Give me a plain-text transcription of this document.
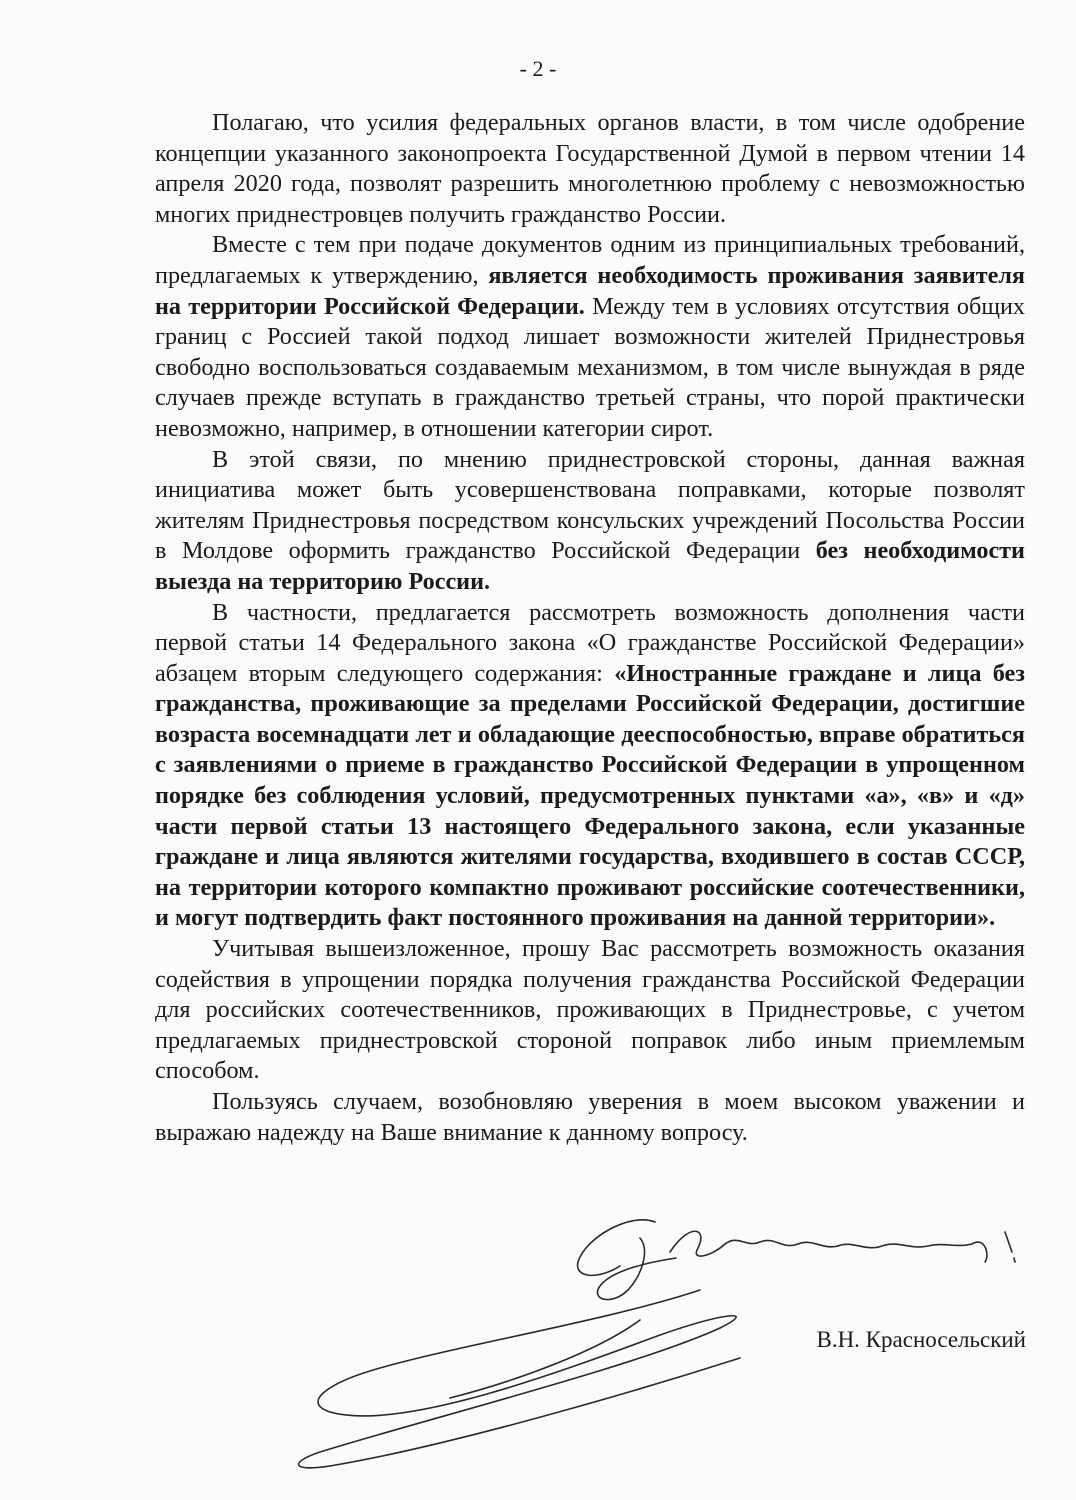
- 2 -

Полагаю, что усилия федеральных органов власти, в том числе одобрение концепции указанного законопроекта Государственной Думой в первом чтении 14 апреля 2020 года, позволят разрешить многолетнюю проблему с невозможностью многих приднестровцев получить гражданство России.

Вместе с тем при подаче документов одним из принципиальных требований, предлагаемых к утверждению, является необходимость проживания заявителя на территории Российской Федерации. Между тем в условиях отсутствия общих границ с Россией такой подход лишает возможности жителей Приднестровья свободно воспользоваться создаваемым механизмом, в том числе вынуждая в ряде случаев прежде вступать в гражданство третьей страны, что порой практически невозможно, например, в отношении категории сирот.

В этой связи, по мнению приднестровской стороны, данная важная инициатива может быть усовершенствована поправками, которые позволят жителям Приднестровья посредством консульских учреждений Посольства России в Молдове оформить гражданство Российской Федерации без необходимости выезда на территорию России.

В частности, предлагается рассмотреть возможность дополнения части первой статьи 14 Федерального закона «О гражданстве Российской Федерации» абзацем вторым следующего содержания: «Иностранные граждане и лица без гражданства, проживающие за пределами Российской Федерации, достигшие возраста восемнадцати лет и обладающие дееспособностью, вправе обратиться с заявлениями о приеме в гражданство Российской Федерации в упрощенном порядке без соблюдения условий, предусмотренных пунктами «а», «в» и «д» части первой статьи 13 настоящего Федерального закона, если указанные граждане и лица являются жителями государства, входившего в состав СССР, на территории которого компактно проживают российские соотечественники, и могут подтвердить факт постоянного проживания на данной территории».

Учитывая вышеизложенное, прошу Вас рассмотреть возможность оказания содействия в упрощении порядка получения гражданства Российской Федерации для российских соотечественников, проживающих в Приднестровье, с учетом предлагаемых приднестровской стороной поправок либо иным приемлемым способом.

Пользуясь случаем, возобновляю уверения в моем высоком уважении и выражаю надежду на Ваше внимание к данному вопросу.

В.Н. Красносельский
